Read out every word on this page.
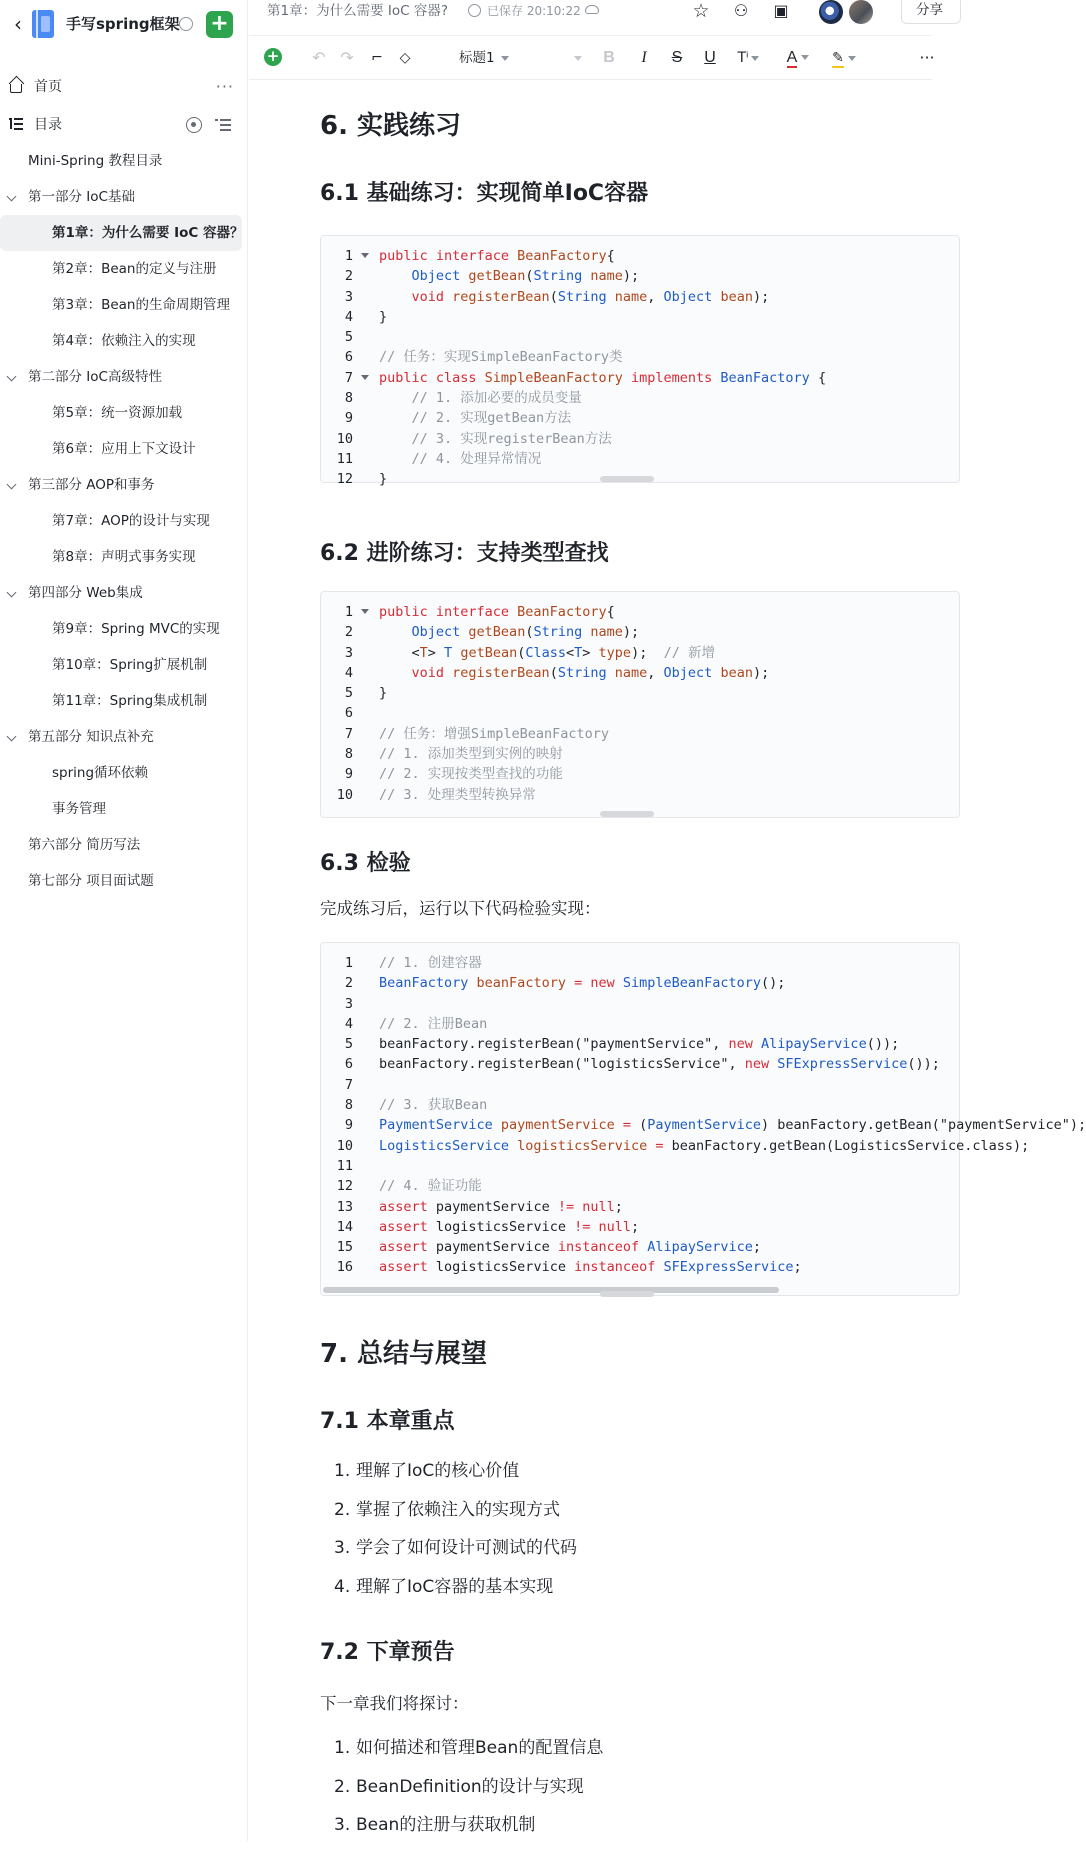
‹	手写spring框架 +
首页	···
目录
Mini-Spring 教程目录
第一部分 IoC基础
第1章：为什么需要 IoC 容器？
第2章：Bean的定义与注册
第3章：Bean的生命周期管理
第4章：依赖注入的实现
第二部分 IoC高级特性
第5章：统一资源加载
第6章：应用上下文设计
第三部分 AOP和事务
第7章：AOP的设计与实现
第8章：声明式事务实现
第四部分 Web集成
第9章：Spring MVC的实现
第10章：Spring扩展机制
第11章：Spring集成机制
第五部分 知识点补充
spring循环依赖
事务管理
第六部分 简历写法
第七部分 项目面试题
第1章：为什么需要 IoC 容器?	已保存 20:10:22	☆	⚇	▣	分享
+ ↶ ↷ ⌐	◇	标题1	B	I	S U	Tⁱ	A	✎	···
6. 实践练习
6.1 基础练习：实现简单IoC容器
1 public interface BeanFactory{
2	Object getBean(String name);
3	void registerBean(String name, Object bean);
4 }
5
6 // 任务：实现SimpleBeanFactory类
7 public class SimpleBeanFactory implements BeanFactory {
8 // 1. 添加必要的成员变量
9 // 2. 实现getBean方法
10 // 3. 实现registerBean方法
11 // 4. 处理异常情况
12 }
6.2 进阶练习：支持类型查找
1 public interface BeanFactory{
2	Object getBean(String name);
3 <T> T getBean(Class<T> type);  // 新增
4	void registerBean(String name, Object bean);
5 }
6
7 // 任务：增强SimpleBeanFactory
8 // 1. 添加类型到实例的映射
9 // 2. 实现按类型查找的功能
10 // 3. 处理类型转换异常
6.3 检验

完成练习后，运行以下代码检验实现：

1 // 1. 创建容器
2 BeanFactory beanFactory = new SimpleBeanFactory();
3
4 // 2. 注册Bean
5 beanFactory.registerBean("paymentService", new AlipayService());
6 beanFactory.registerBean("logisticsService", new SFExpressService());
7
8 // 3. 获取Bean
9 PaymentService paymentService = (PaymentService) beanFactory.getBean("paymentService");
10 LogisticsService logisticsService = beanFactory.getBean(LogisticsService.class);
11
12 // 4. 验证功能
13 assert paymentService != null;
14 assert logisticsService != null;
15 assert paymentService instanceof AlipayService;
16 assert logisticsService instanceof SFExpressService;
7. 总结与展望
7.1 本章重点
1. 理解了IoC的核心价值
2. 掌握了依赖注入的实现方式
3. 学会了如何设计可测试的代码
4. 理解了IoC容器的基本实现
7.2 下章预告

下一章我们将探讨：

1. 如何描述和管理Bean的配置信息
2. BeanDefinition的设计与实现
3. Bean的注册与获取机制
